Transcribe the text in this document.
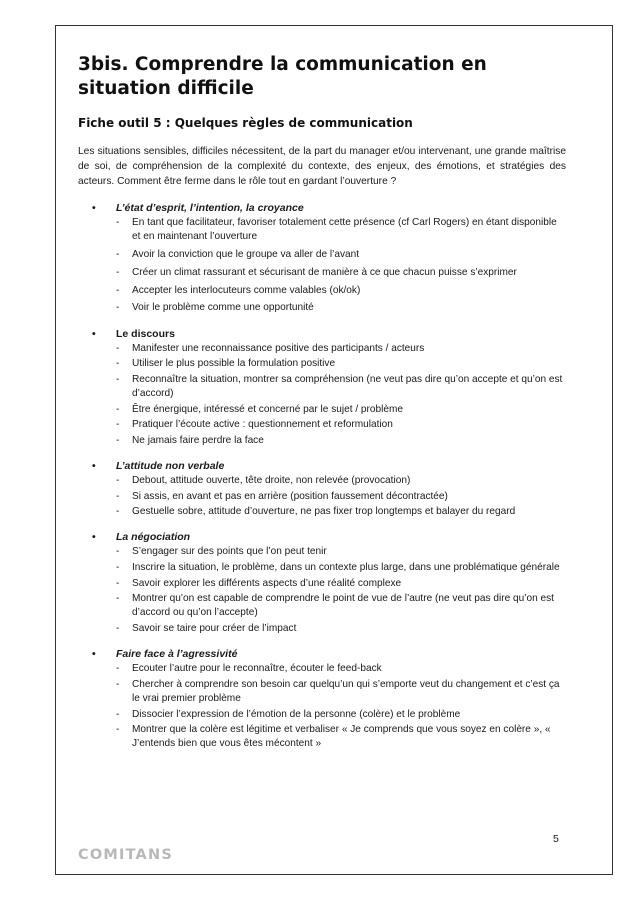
3bis. Comprendre la communication en situation difficile
Fiche outil 5 : Quelques règles de communication

Les situations sensibles, difficiles nécessitent, de la part du manager et/ou intervenant, une grande maîtrise de soi, de compréhension de la complexité du contexte, des enjeux, des émotions, et stratégies des acteurs. Comment être ferme dans le rôle tout en gardant l’ouverture ?

•	L’état d’esprit, l’intention, la croyance
- En tant que facilitateur, favoriser totalement cette présence (cf Carl Rogers) en étant disponible et en maintenant l’ouverture
- Avoir la conviction que le groupe va aller de l’avant
- Créer un climat rassurant et sécurisant de manière à ce que chacun puisse s’exprimer
- Accepter les interlocuteurs comme valables (ok/ok)
- Voir le problème comme une opportunité
•	Le discours
- Manifester une reconnaissance positive des participants / acteurs
- Utiliser le plus possible la formulation positive
- Reconnaître la situation, montrer sa compréhension (ne veut pas dire qu’on accepte et qu’on est d’accord)
- Être énergique, intéressé et concerné par le sujet / problème
- Pratiquer l’écoute active : questionnement et reformulation
- Ne jamais faire perdre la face
•	L’attitude non verbale
- Debout, attitude ouverte, tête droite, non relevée (provocation)
- Si assis, en avant et pas en arrière (position faussement décontractée)
- Gestuelle sobre, attitude d’ouverture, ne pas fixer trop longtemps et balayer du regard
•	La négociation
- S’engager sur des points que l’on peut tenir
- Inscrire la situation, le problème, dans un contexte plus large, dans une problématique générale
- Savoir explorer les différents aspects d’une réalité complexe
- Montrer qu’on est capable de comprendre le point de vue de l’autre (ne veut pas dire qu’on est d’accord ou qu’on l’accepte)
- Savoir se taire pour créer de l’impact
•	Faire face à l’agressivité
- Ecouter l’autre pour le reconnaître, écouter le feed-back
- Chercher à comprendre son besoin car quelqu’un qui s’emporte veut du changement et c’est ça le vrai premier problème
- Dissocier l’expression de l’émotion de la personne (colère) et le problème
- Montrer que la colère est légitime et verbaliser « Je comprends que vous soyez en colère », « J’entends bien que vous êtes mécontent »
5
COMITANS
